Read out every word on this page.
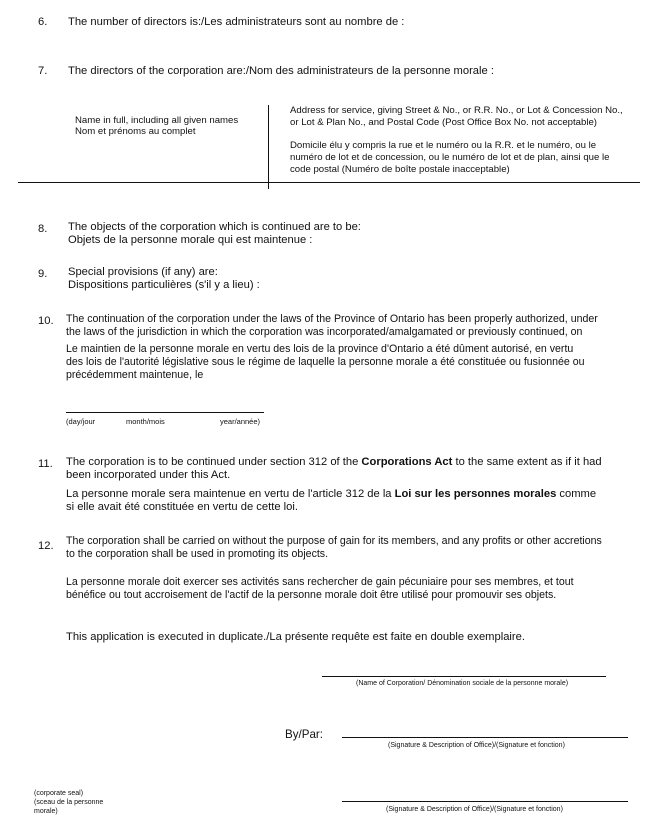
6. The number of directors is:/Les administrateurs sont au nombre de :
7. The directors of the corporation are:/Nom des administrateurs de la personne morale :
Name in full, including all given names
Nom et prénoms au complet
Address for service, giving Street & No., or R.R. No., or Lot & Concession No.,
or Lot & Plan No., and Postal Code (Post Office Box No. not acceptable)
Domicile élu y compris la rue et le numéro ou la R.R. et le numéro, ou le
numéro de lot et de concession, ou le numéro de lot et de plan, ainsi que le
code postal (Numéro de boîte postale inacceptable)
8. The objects of the corporation which is continued are to be:
Objets de la personne morale qui est maintenue :
9. Special provisions (if any) are:
Dispositions particulières (s'il y a lieu) :
10. The continuation of the corporation under the laws of the Province of Ontario has been properly authorized, under
the laws of the jurisdiction in which the corporation was incorporated/amalgamated or previously continued, on
Le maintien de la personne morale en vertu des lois de la province d'Ontario a été dûment autorisé, en vertu
des lois de l'autorité législative sous le régime de laquelle la personne morale a été constituée ou fusionnée ou
précédemment maintenue, le
(day/jour	month/mois	year/année)
11. The corporation is to be continued under section 312 of the Corporations Act to the same extent as if it had
been incorporated under this Act.
La personne morale sera maintenue en vertu de l'article 312 de la Loi sur les personnes morales comme
si elle avait été constituée en vertu de cette loi.
12. The corporation shall be carried on without the purpose of gain for its members, and any profits or other accretions
to the corporation shall be used in promoting its objects.
La personne morale doit exercer ses activités sans rechercher de gain pécuniaire pour ses membres, et tout
bénéfice ou tout accroisement de l'actif de la personne morale doit être utilisé pour promouvir ses objets.
This application is executed in duplicate./La présente requête est faite en double exemplaire.
(Name of Corporation/ Dénomination sociale de la personne morale)
By/Par:
(Signature & Description of Office)/(Signature et fonction)
(corporate seal)
(sceau de la personne
morale)	(Signature & Description of Office)/(Signature et fonction)
